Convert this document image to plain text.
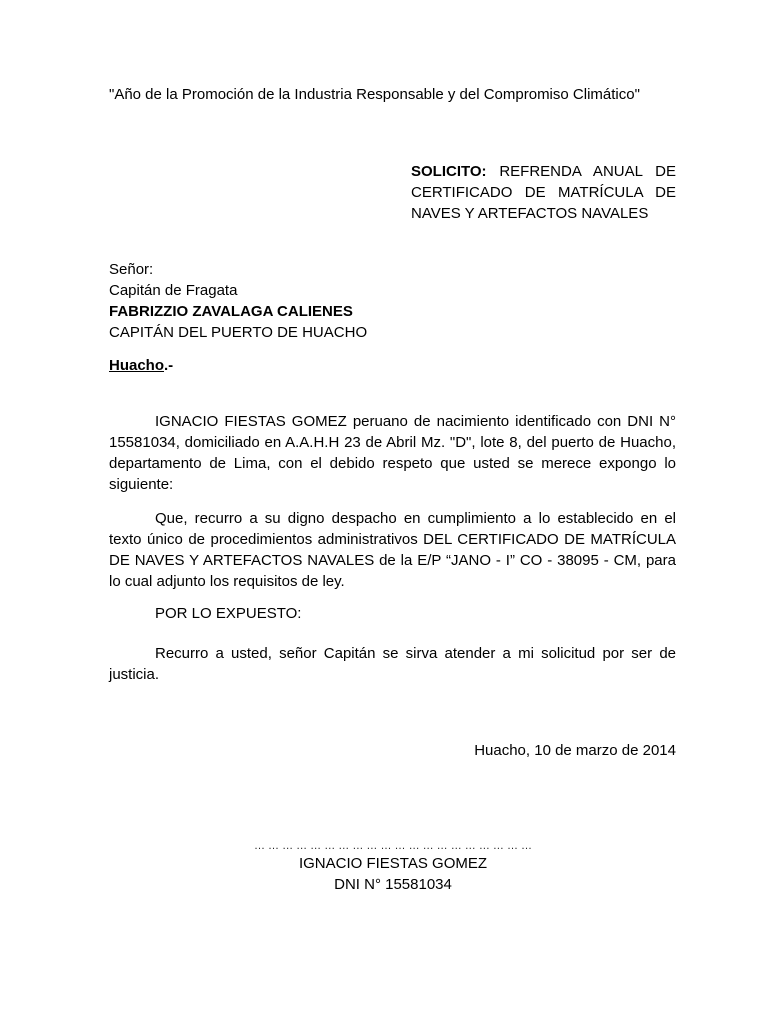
"Año de la Promoción de la Industria Responsable y del Compromiso Climático"
SOLICITO: REFRENDA ANUAL DE
CERTIFICADO DE MATRÍCULA DE
NAVES Y ARTEFACTOS NAVALES
Señor:
Capitán de Fragata
FABRIZZIO ZAVALAGA CALIENES
CAPITÁN DEL PUERTO DE HUACHO
Huacho.-

IGNACIO FIESTAS GOMEZ peruano de nacimiento identificado con DNI N° 15581034, domiciliado en A.A.H.H 23 de Abril Mz. "D", lote 8, del puerto de Huacho, departamento de Lima, con el debido respeto que usted se merece expongo lo siguiente:

Que, recurro a su digno despacho en cumplimiento a lo establecido en el texto único de procedimientos administrativos DEL CERTIFICADO DE MATRÍCULA DE NAVES Y ARTEFACTOS NAVALES de la E/P “JANO - I” CO - 38095 - CM, para lo cual adjunto los requisitos de ley.

POR LO EXPUESTO:

Recurro a usted, señor Capitán se sirva atender a mi solicitud por ser de justicia.

Huacho, 10 de marzo de 2014
… … … … … … … … … … … … … … … … … … … …
IGNACIO FIESTAS GOMEZ
DNI N° 15581034
